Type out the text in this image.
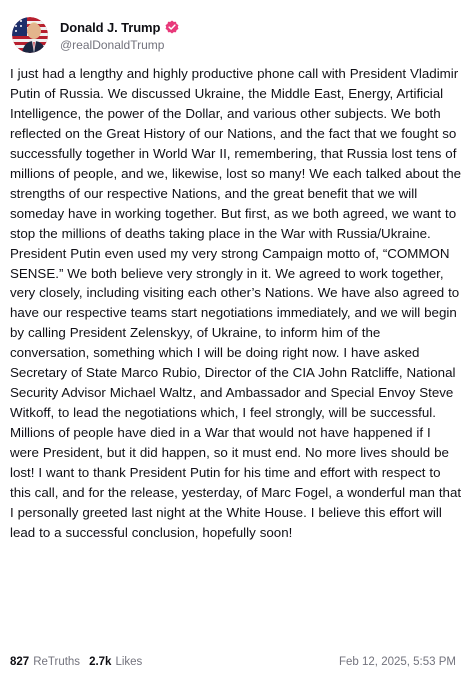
Donald J. Trump
@realDonaldTrump
I just had a lengthy and highly productive phone call with President Vladimir Putin of Russia. We discussed Ukraine, the Middle East, Energy, Artificial Intelligence, the power of the Dollar, and various other subjects. We both reflected on the Great History of our Nations, and the fact that we fought so successfully together in World War II, remembering, that Russia lost tens of millions of people, and we, likewise, lost so many! We each talked about the strengths of our respective Nations, and the great benefit that we will someday have in working together. But first, as we both agreed, we want to stop the millions of deaths taking place in the War with Russia/Ukraine. President Putin even used my very strong Campaign motto of, “COMMON SENSE.” We both believe very strongly in it. We agreed to work together, very closely, including visiting each other’s Nations. We have also agreed to have our respective teams start negotiations immediately, and we will begin by calling President Zelenskyy, of Ukraine, to inform him of the conversation, something which I will be doing right now. I have asked Secretary of State Marco Rubio, Director of the CIA John Ratcliffe, National Security Advisor Michael Waltz, and Ambassador and Special Envoy Steve Witkoff, to lead the negotiations which, I feel strongly, will be successful. Millions of people have died in a War that would not have happened if I were President, but it did happen, so it must end. No more lives should be lost! I want to thank President Putin for his time and effort with respect to this call, and for the release, yesterday, of Marc Fogel, a wonderful man that I personally greeted last night at the White House. I believe this effort will lead to a successful conclusion, hopefully soon!
827 ReTruths 2.7k Likes	Feb 12, 2025, 5:53 PM
